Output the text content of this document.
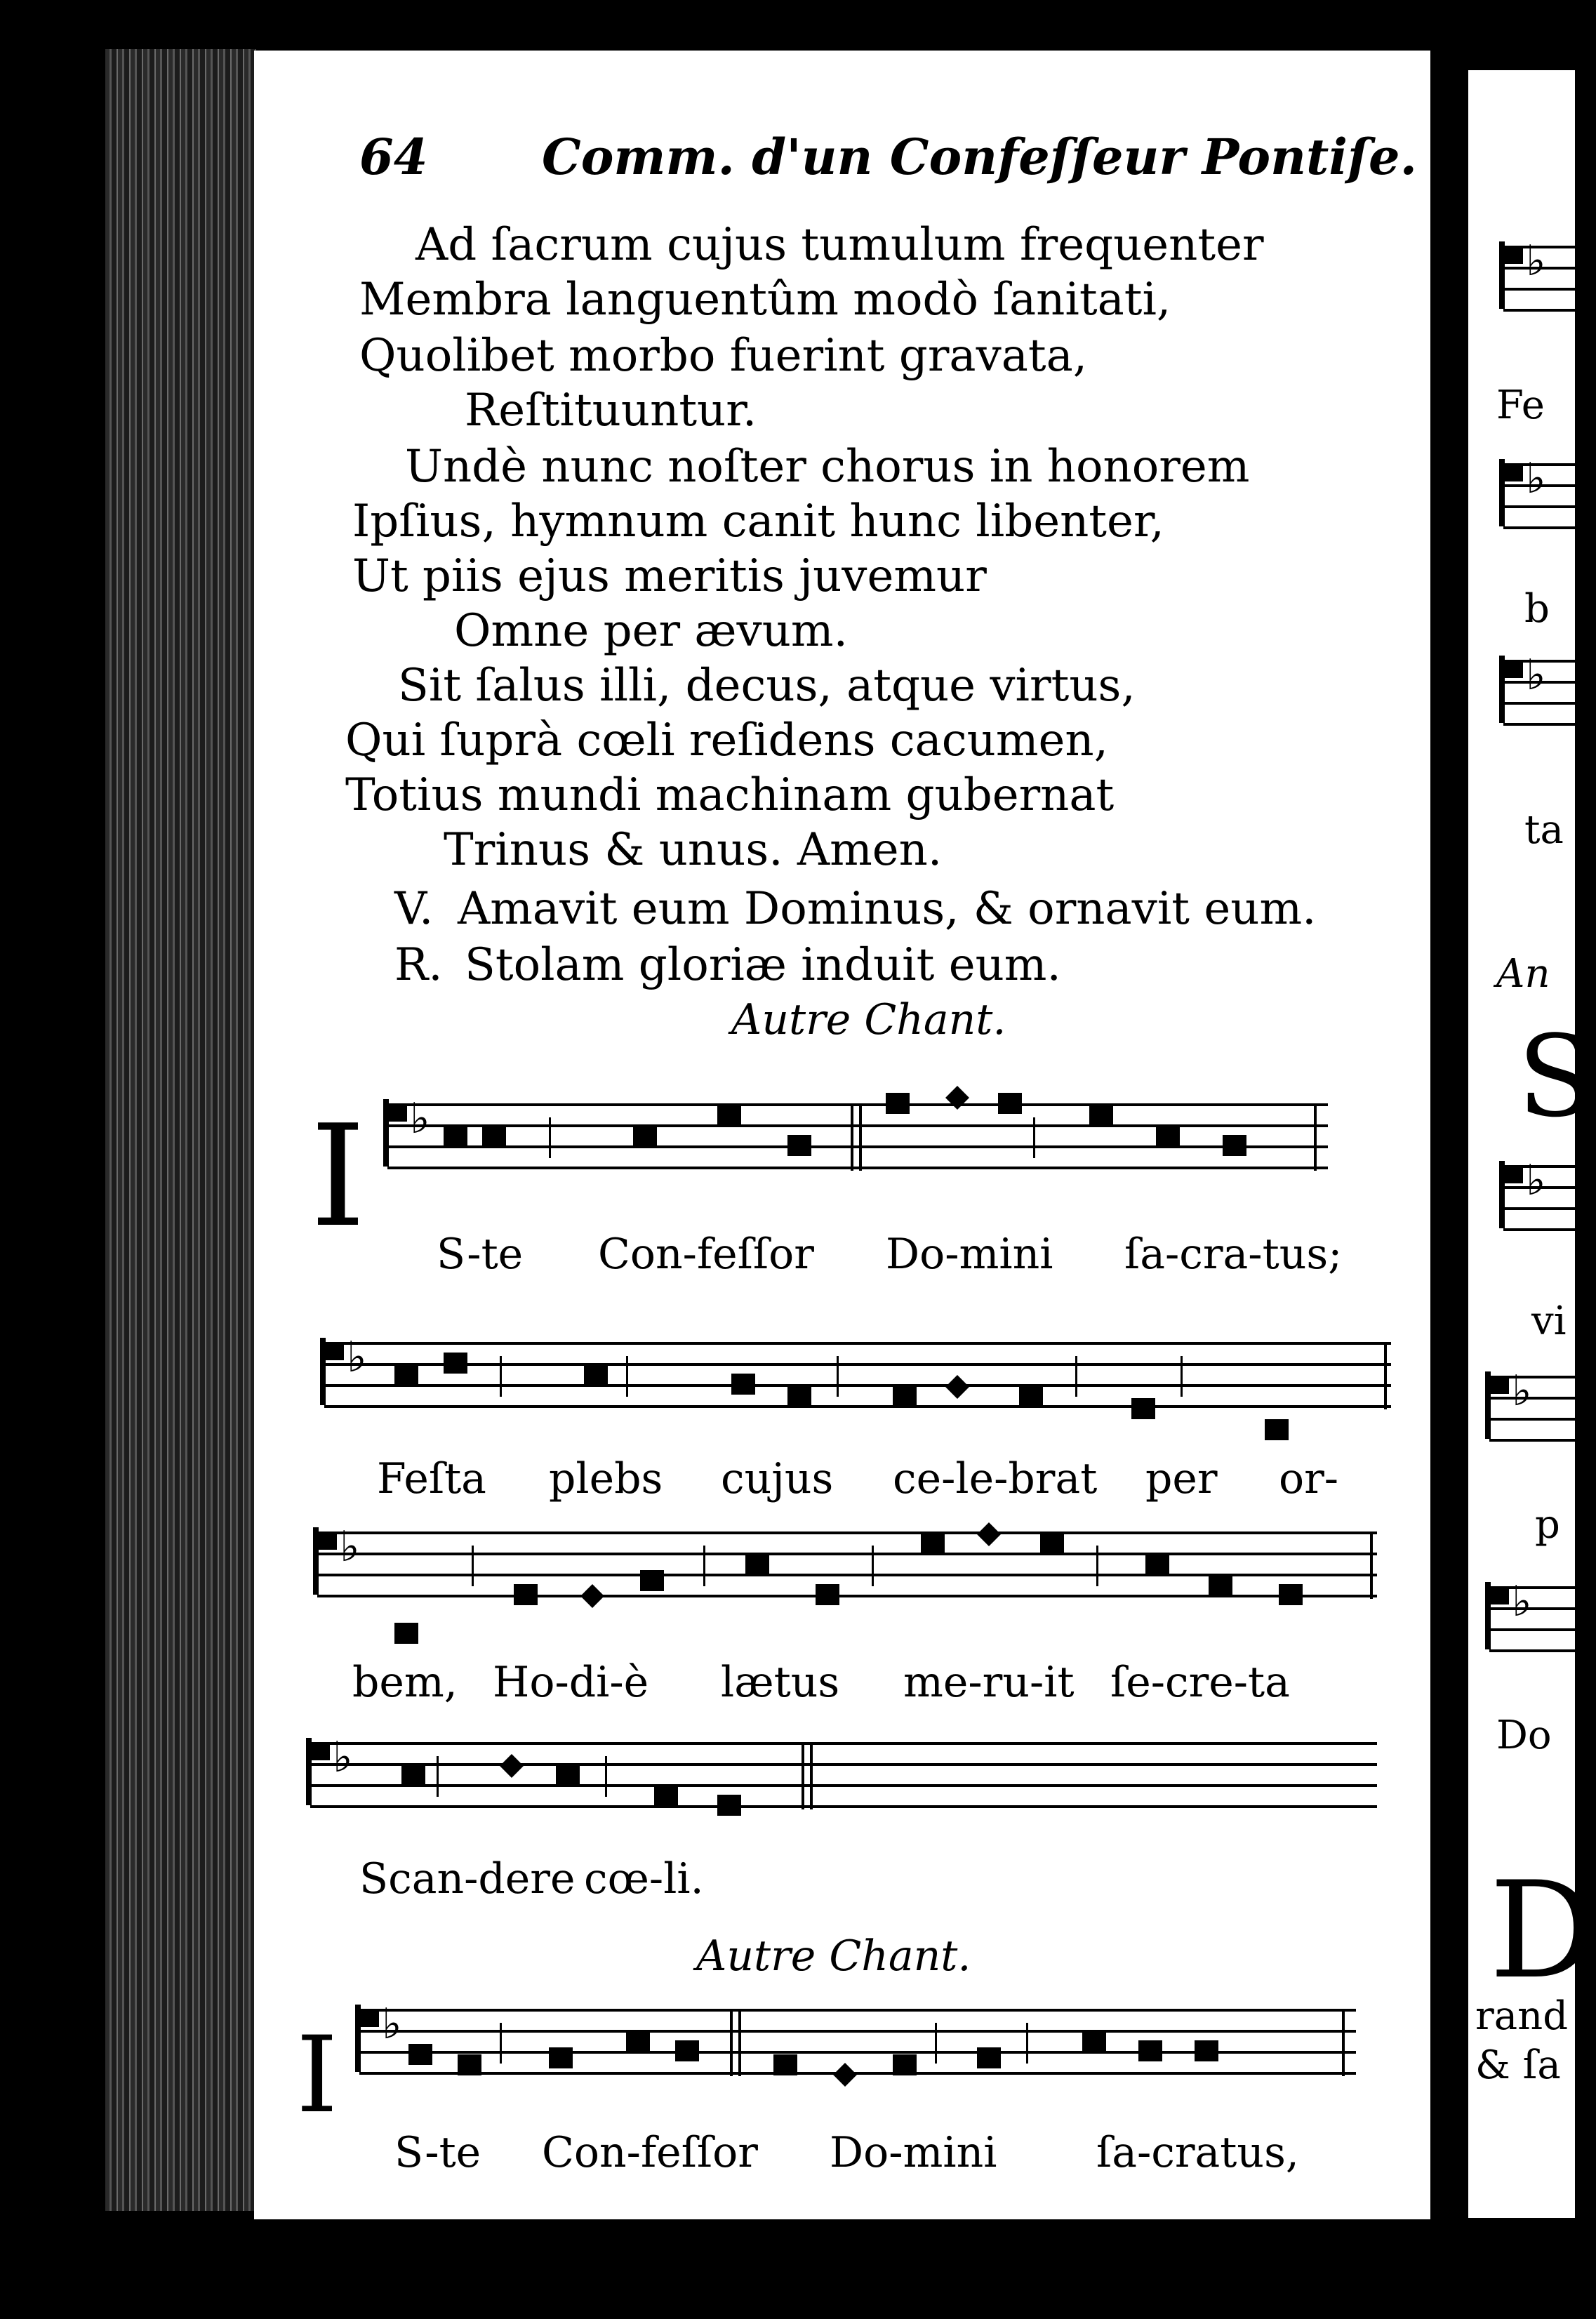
64 Comm. d'un Confeſſeur Pontiſe.
Ad ſacrum cujus tumulum frequenter
Membra languentûm modò ſanitati,
Quolibet morbo fuerint gravata,
Reſtituuntur.
Undè nunc noſter chorus in honorem
Ipſius, hymnum canit hunc libenter,
Ut piis ejus meritis juvemur
Omne per ævum.
Sit ſalus illi, decus, atque virtus,
Qui ſuprà cœli reſidens cacumen,
Totius mundi machinam gubernat
Trinus & unus. Amen.
V. Amavit eum Dominus, & ornavit eum.
R. Stolam gloriæ induit eum.
Autre Chant.
♭
I S-te Con-feſſor Do-mini ſa-cra-tus;
♭
Feſta plebs cujus ce-le-brat per or-
♭
bem, Ho-di-è lætus me-ru-it ſe-cre-ta
♭
Scan-dere cœ-li.
Autre Chant.
♭
I
S-te Con-feſſor Do-mini ſa-cratus,
♭
Fe
♭
b
♭
ta
An
S
♭
vi
♭
p
♭
Do
D
rand
& ſa
